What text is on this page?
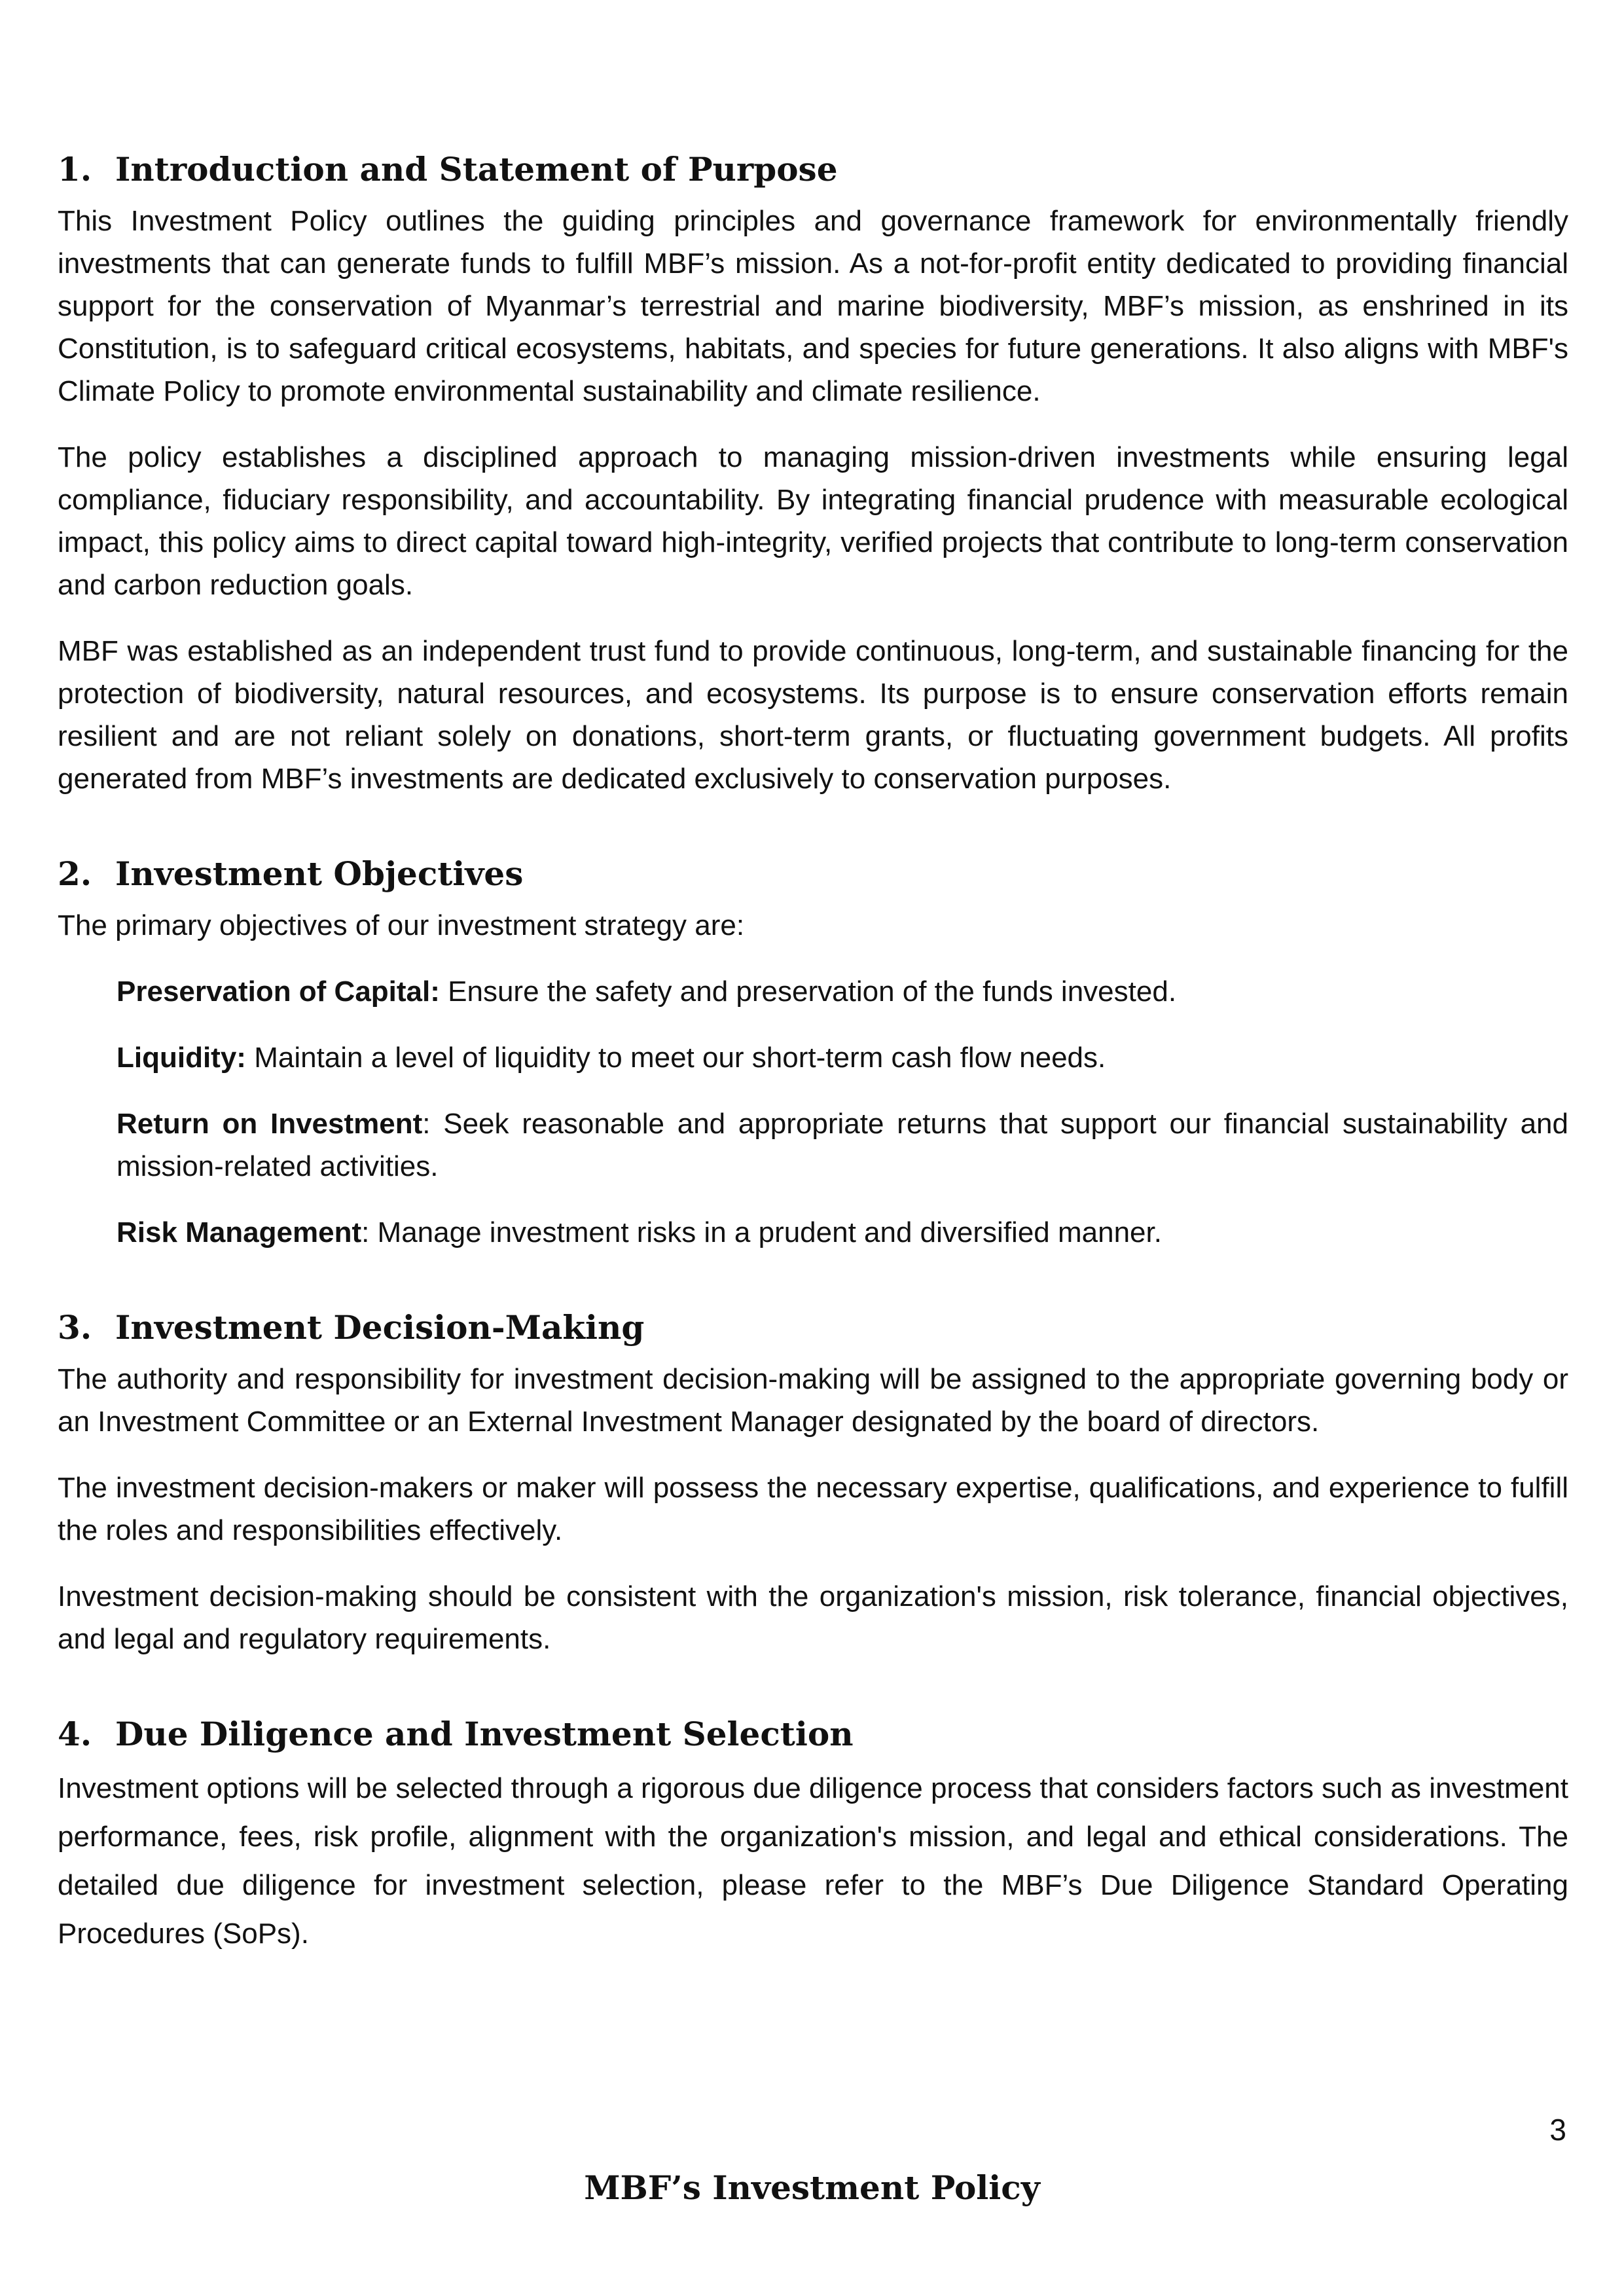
1. Introduction and Statement of Purpose

This Investment Policy outlines the guiding principles and governance framework for environmentally friendly investments that can generate funds to fulfill MBF’s mission. As a not-for-profit entity dedicated to providing financial support for the conservation of Myanmar’s terrestrial and marine biodiversity, MBF’s mission, as enshrined in its Constitution, is to safeguard critical ecosystems, habitats, and species for future generations. It also aligns with MBF's Climate Policy to promote environmental sustainability and climate resilience.

The policy establishes a disciplined approach to managing mission-driven investments while ensuring legal compliance, fiduciary responsibility, and accountability. By integrating financial prudence with measurable ecological impact, this policy aims to direct capital toward high-integrity, verified projects that contribute to long-term conservation and carbon reduction goals.

MBF was established as an independent trust fund to provide continuous, long-term, and sustainable financing for the protection of biodiversity, natural resources, and ecosystems. Its purpose is to ensure conservation efforts remain resilient and are not reliant solely on donations, short-term grants, or fluctuating government budgets. All profits generated from MBF’s investments are dedicated exclusively to conservation purposes.

2. Investment Objectives

The primary objectives of our investment strategy are:

Preservation of Capital: Ensure the safety and preservation of the funds invested.

Liquidity: Maintain a level of liquidity to meet our short-term cash flow needs.

Return on Investment: Seek reasonable and appropriate returns that support our financial sustainability and mission-related activities.

Risk Management: Manage investment risks in a prudent and diversified manner.

3. Investment Decision-Making

The authority and responsibility for investment decision-making will be assigned to the appropriate governing body or an Investment Committee or an External Investment Manager designated by the board of directors.

The investment decision-makers or maker will possess the necessary expertise, qualifications, and experience to fulfill the roles and responsibilities effectively.

Investment decision-making should be consistent with the organization's mission, risk tolerance, financial objectives, and legal and regulatory requirements.

4. Due Diligence and Investment Selection

Investment options will be selected through a rigorous due diligence process that considers factors such as investment performance, fees, risk profile, alignment with the organization's mission, and legal and ethical considerations. The detailed due diligence for investment selection, please refer to the MBF’s Due Diligence Standard Operating Procedures (SoPs).

3
MBF’s Investment Policy
